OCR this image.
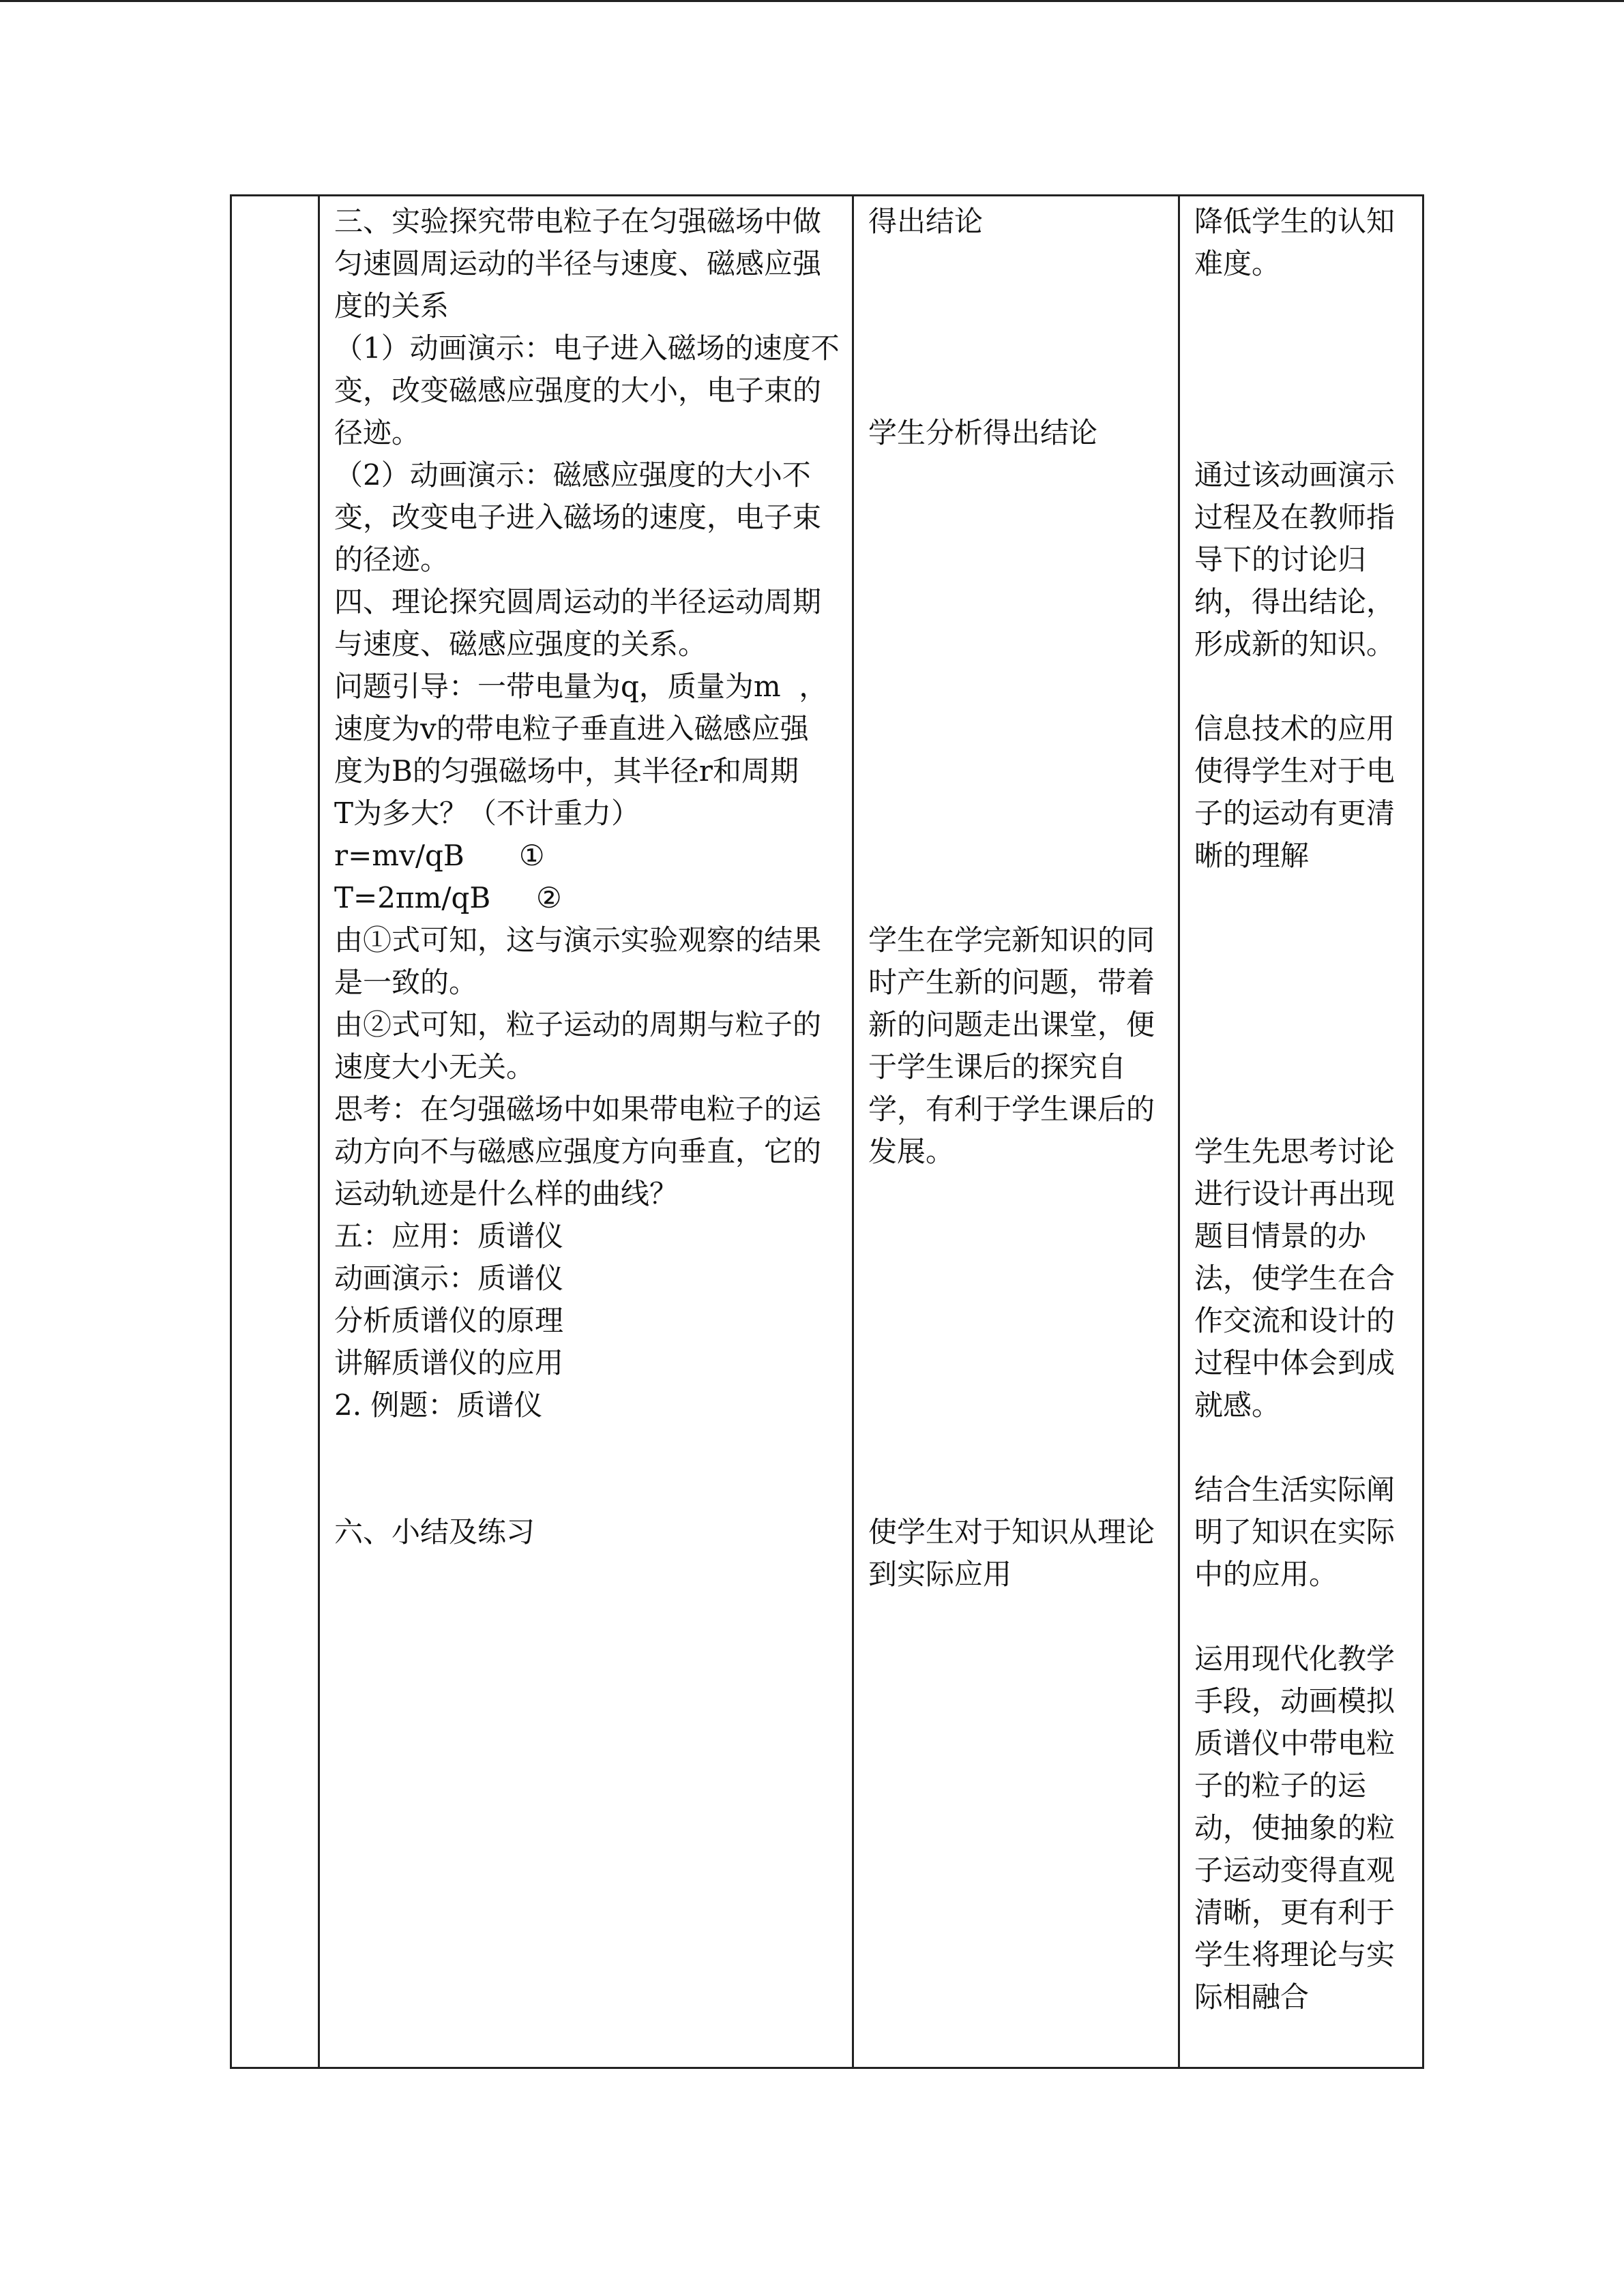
三、实验探究带电粒子在匀强磁场中做
匀速圆周运动的半径与速度、磁感应强
度的关系
（1）动画演示：电子进入磁场的速度不
变，改变磁感应强度的大小，电子束的
径迹。
（2）动画演示：磁感应强度的大小不
变，改变电子进入磁场的速度，电子束
的径迹。
四、理论探究圆周运动的半径运动周期
与速度、磁感应强度的关系。
问题引导：一带电量为q，质量为m  ，
速度为v的带电粒子垂直进入磁感应强
度为B的匀强磁场中，其半径r和周期
T为多大？（不计重力）
r=mv/qB      ①
T=2πm/qB     ②
由①式可知，这与演示实验观察的结果
是一致的。
由②式可知，粒子运动的周期与粒子的
速度大小无关。
思考：在匀强磁场中如果带电粒子的运
动方向不与磁感应强度方向垂直，它的
运动轨迹是什么样的曲线？
五：应用：质谱仪
动画演示：质谱仪
分析质谱仪的原理
讲解质谱仪的应用
2. 例题：质谱仪
六、小结及练习
得出结论
学生分析得出结论
学生在学完新知识的同
时产生新的问题，带着
新的问题走出课堂，便
于学生课后的探究自
学，有利于学生课后的
发展。
使学生对于知识从理论
到实际应用
降低学生的认知
难度。
通过该动画演示
过程及在教师指
导下的讨论归
纳，得出结论，
形成新的知识。
信息技术的应用
使得学生对于电
子的运动有更清
晰的理解
学生先思考讨论
进行设计再出现
题目情景的办
法，使学生在合
作交流和设计的
过程中体会到成
就感。
结合生活实际阐
明了知识在实际
中的应用。
运用现代化教学
手段，动画模拟
质谱仪中带电粒
子的粒子的运
动，使抽象的粒
子运动变得直观
清晰，更有利于
学生将理论与实
际相融合
